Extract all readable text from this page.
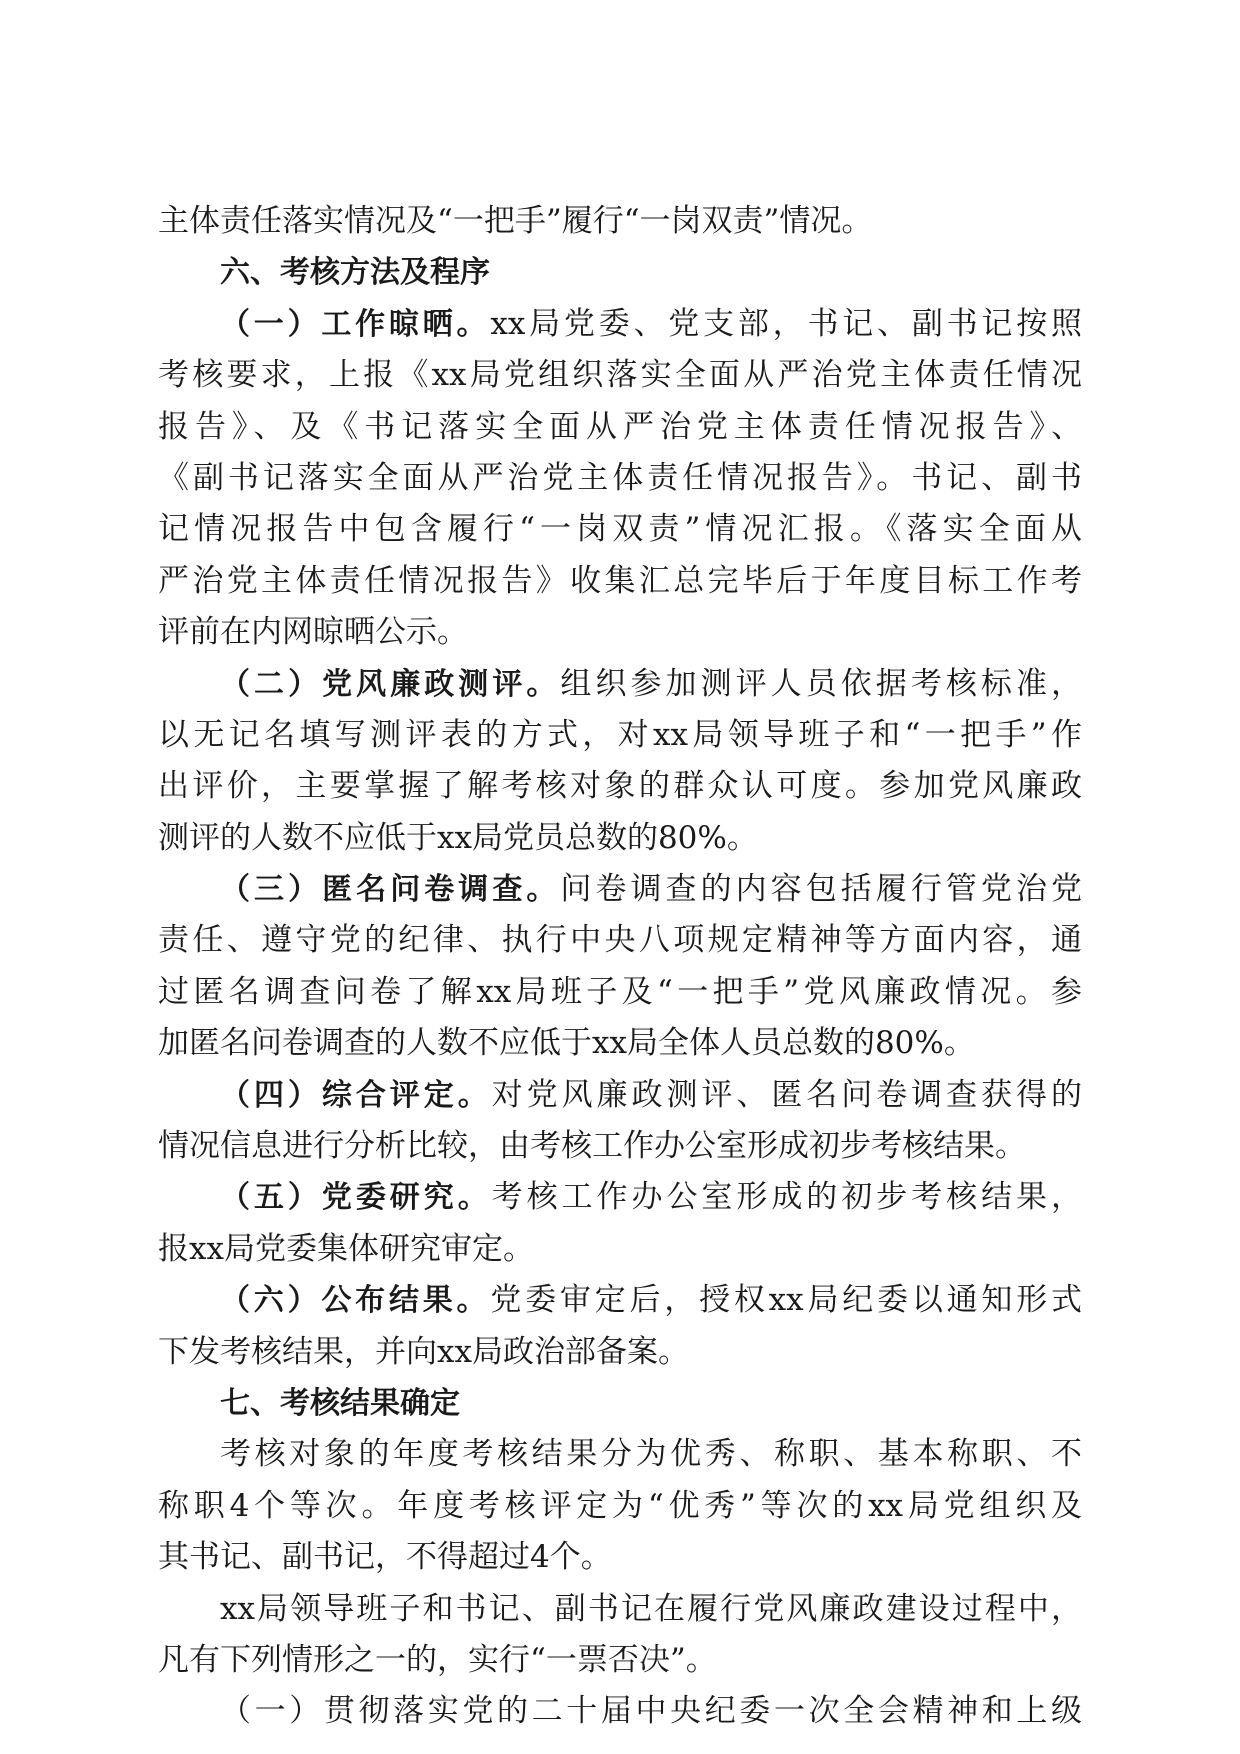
主体责任落实情况及“一把手”履行“一岗双责”情况。
六、考核方法及程序
（一）工作晾晒。xx局党委、党支部，书记、副书记按照
考核要求，上报《xx局党组织落实全面从严治党主体责任情况
报告》、及《书记落实全面从严治党主体责任情况报告》、
《副书记落实全面从严治党主体责任情况报告》。书记、副书
记情况报告中包含履行“一岗双责”情况汇报。《落实全面从
严治党主体责任情况报告》收集汇总完毕后于年度目标工作考
评前在内网晾晒公示。
（二）党风廉政测评。组织参加测评人员依据考核标准，
以无记名填写测评表的方式，对xx局领导班子和“一把手”作
出评价，主要掌握了解考核对象的群众认可度。参加党风廉政
测评的人数不应低于xx局党员总数的80%。
（三）匿名问卷调查。问卷调查的内容包括履行管党治党
责任、遵守党的纪律、执行中央八项规定精神等方面内容，通
过匿名调查问卷了解xx局班子及“一把手”党风廉政情况。参
加匿名问卷调查的人数不应低于xx局全体人员总数的80%。
（四）综合评定。对党风廉政测评、匿名问卷调查获得的
情况信息进行分析比较，由考核工作办公室形成初步考核结果。
（五）党委研究。考核工作办公室形成的初步考核结果，
报xx局党委集体研究审定。
（六）公布结果。党委审定后，授权xx局纪委以通知形式
下发考核结果，并向xx局政治部备案。
七、考核结果确定
考核对象的年度考核结果分为优秀、称职、基本称职、不
称职4个等次。年度考核评定为“优秀”等次的xx局党组织及
其书记、副书记，不得超过4个。
xx局领导班子和书记、副书记在履行党风廉政建设过程中，
凡有下列情形之一的，实行“一票否决”。
（一）贯彻落实党的二十届中央纪委一次全会精神和上级
